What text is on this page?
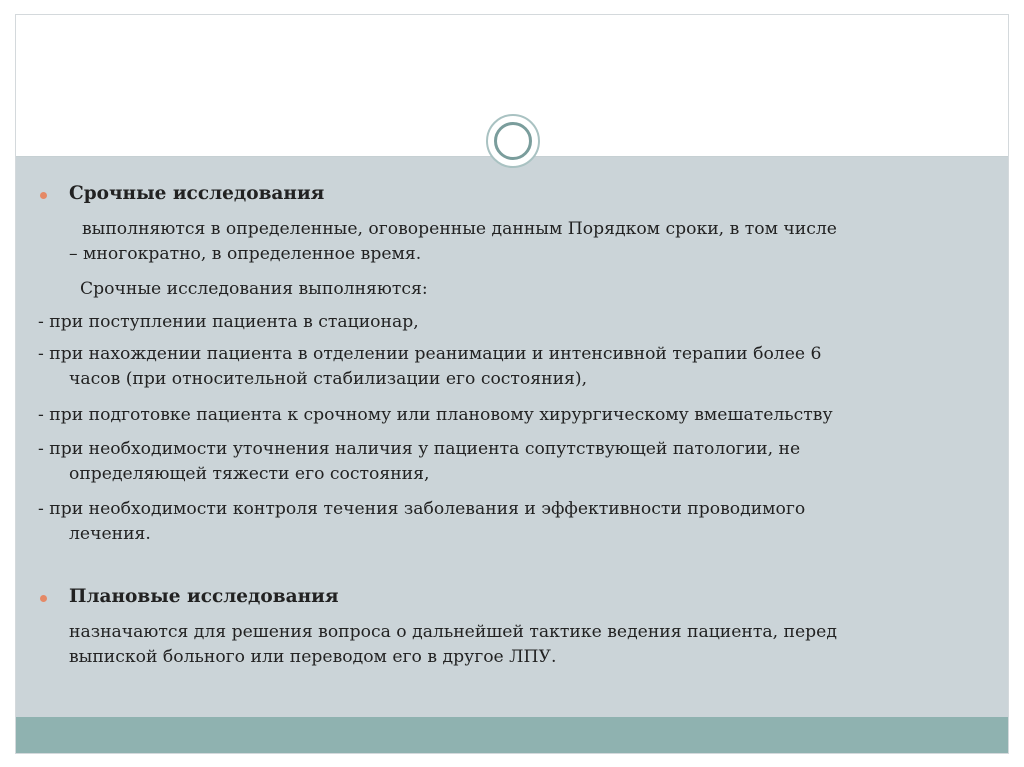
Срочные исследования
выполняются в определенные, оговоренные данным Порядком сроки, в том числе
– многократно, в определенное время.
Срочные исследования выполняются:
- при поступлении пациента в стационар,
- при нахождении пациента в отделении реанимации и интенсивной терапии более 6
часов (при относительной стабилизации его состояния),
- при подготовке пациента к срочному или плановому хирургическому вмешательству
- при необходимости уточнения наличия у пациента сопутствующей патологии, не
определяющей тяжести его состояния,
- при необходимости контроля течения заболевания и эффективности проводимого
лечения.
Плановые исследования
назначаются для решения вопроса о дальнейшей тактике ведения пациента, перед
выпиской больного или переводом его в другое ЛПУ.
